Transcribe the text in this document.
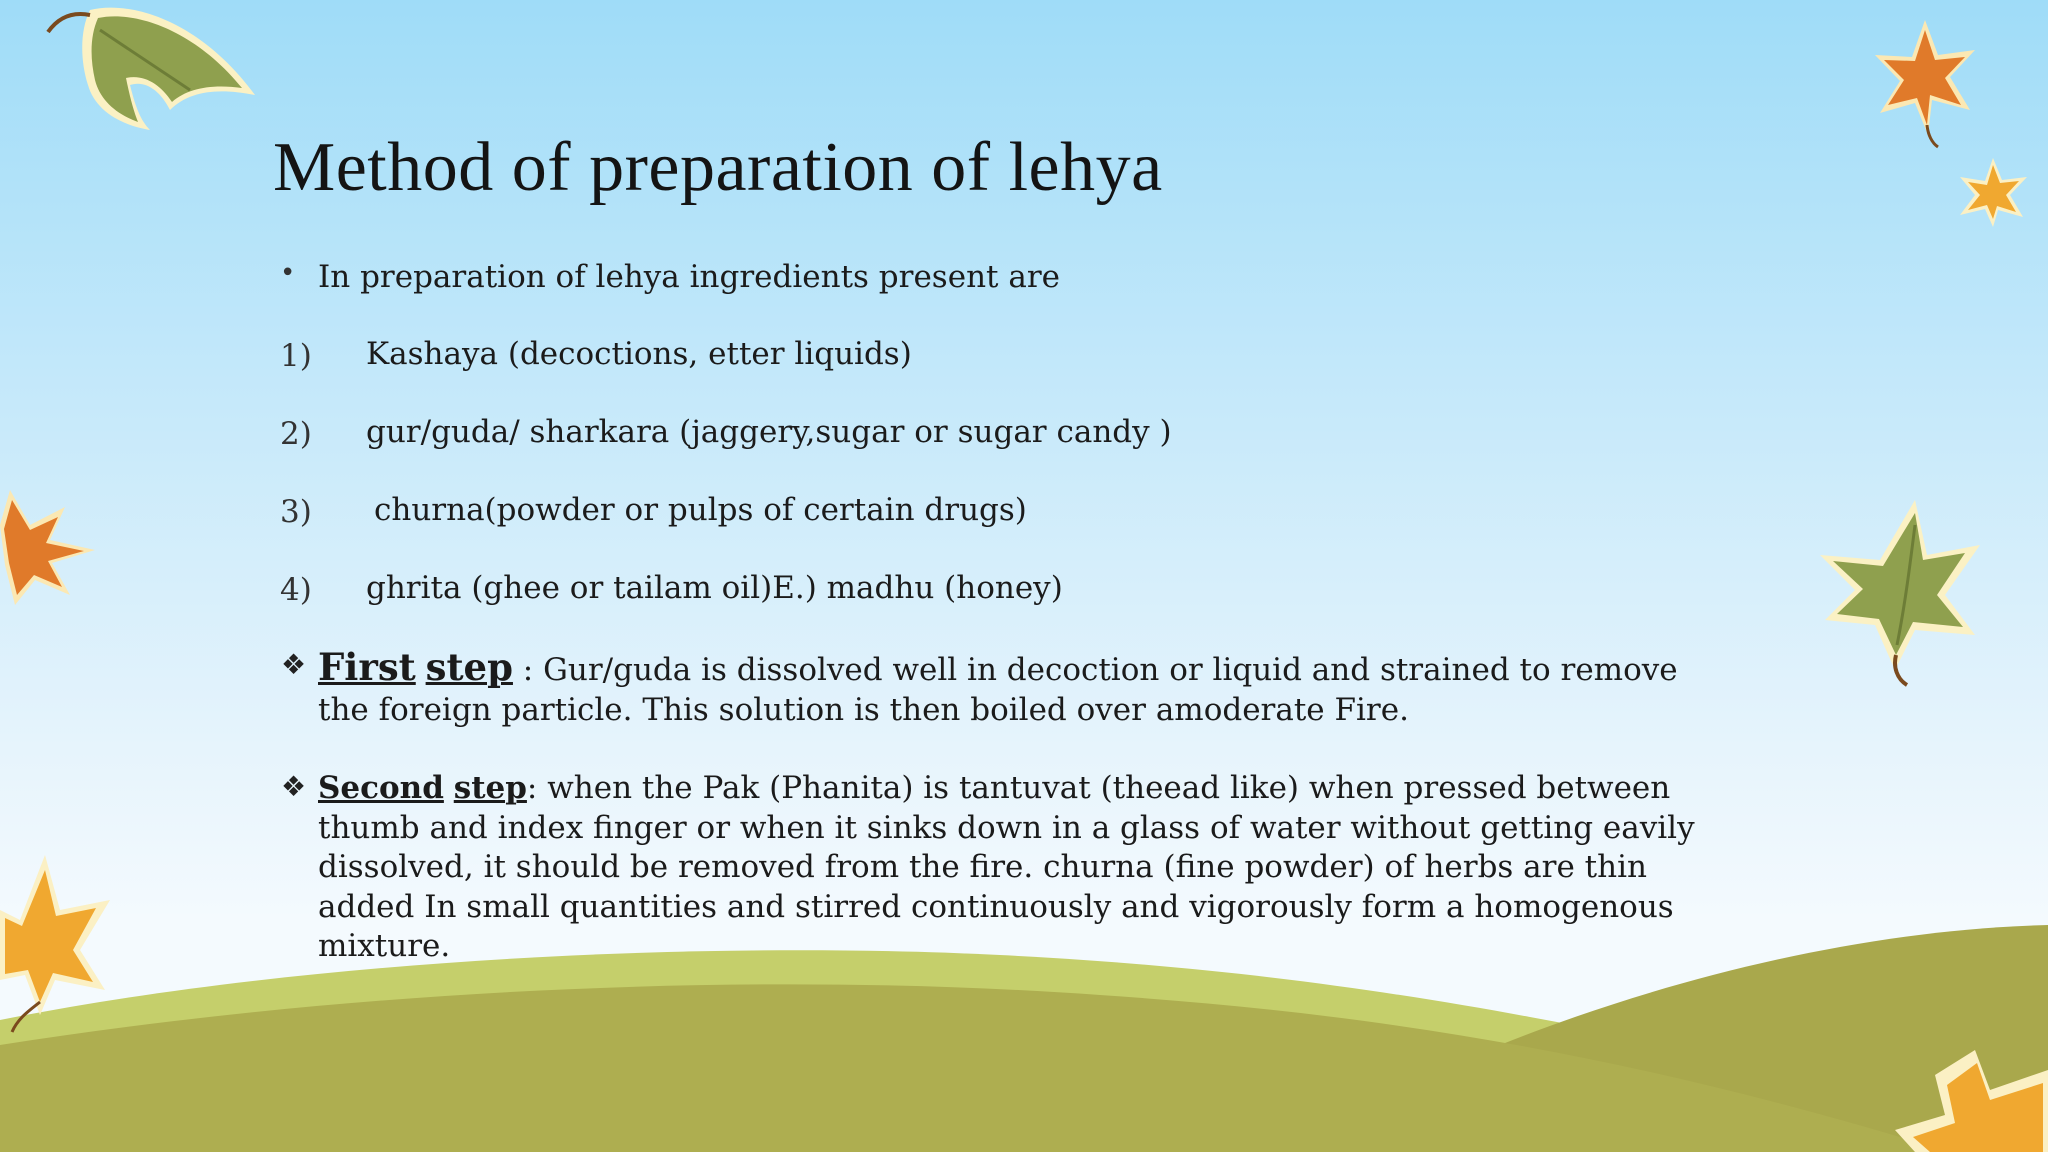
Method of preparation of lehya
• In preparation of lehya ingredients present are
1) Kashaya (decoctions, etter liquids)
2) gur/guda/ sharkara (jaggery,sugar or sugar candy )
3) churna(powder or pulps of certain drugs)
4) ghrita (ghee or tailam oil)E.) madhu (honey)
❖ First step : Gur/guda is dissolved well in decoction or liquid and strained to remove the foreign particle. This solution is then boiled over amoderate Fire.

❖ Second step: when the Pak (Phanita) is tantuvat (theead like) when pressed between thumb and index finger or when it sinks down in a glass of water without getting eavily dissolved, it should be removed from the fire. churna (fine powder) of herbs are thin added In small quantities and stirred continuously and vigorously form a homogenous mixture.
